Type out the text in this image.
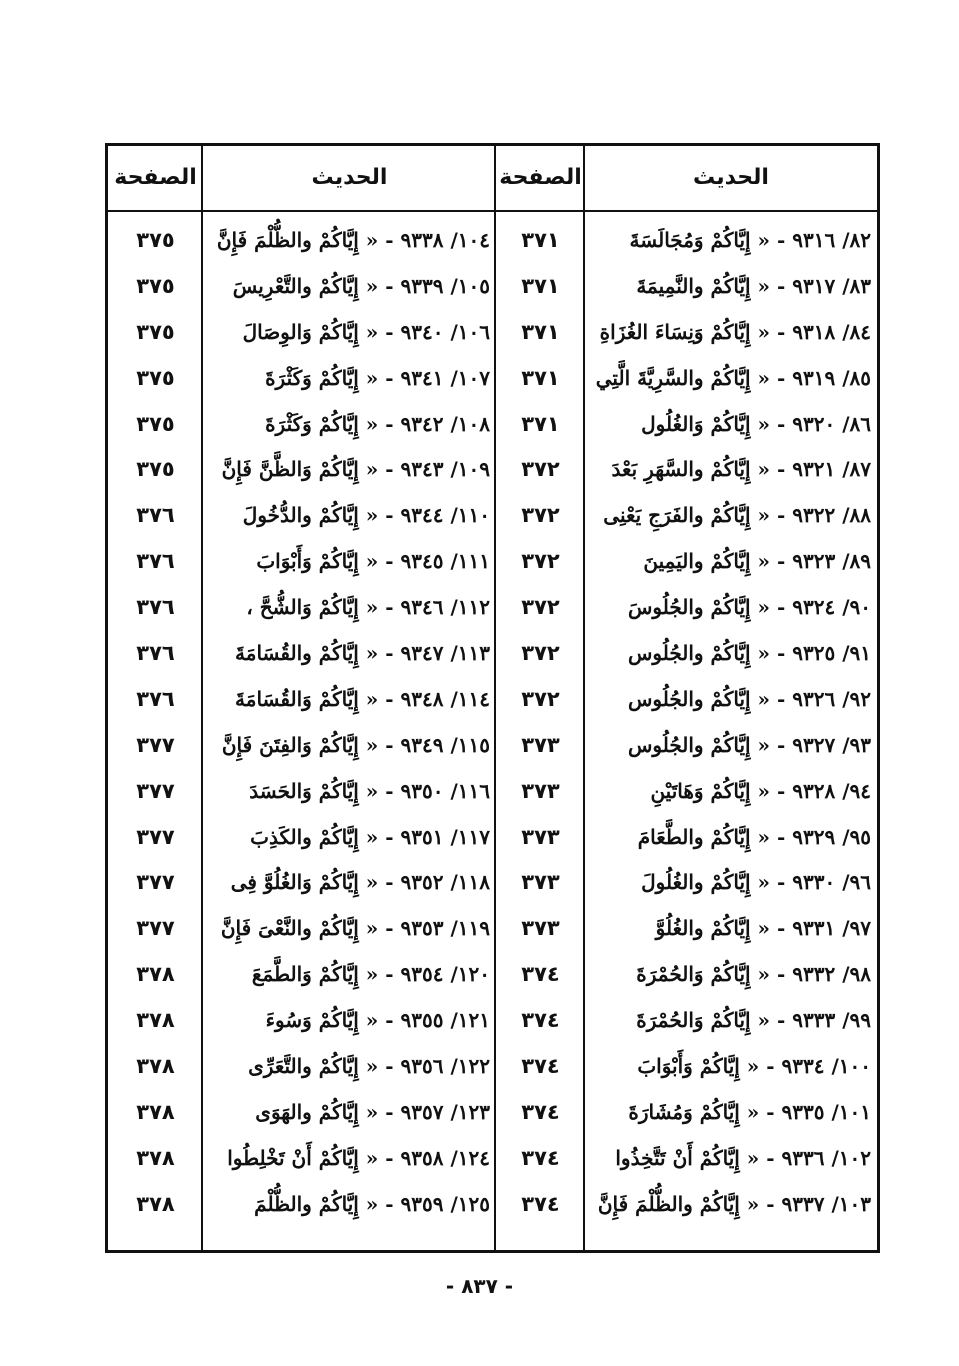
الحديث
٨٢/ ٩٣١٦ - « إِيَّاكُمْ وَمُجَالَسَةَ
٨٣/ ٩٣١٧ - « إِيَّاكُمْ والنَّمِيمَةَ
٨٤/ ٩٣١٨ - « إِيَّاكُمْ وَنِسَاءَ الغُزَاةِ
٨٥/ ٩٣١٩ - « إِيَّاكُمْ والسَّرِيَّةَ الَّتِي
٨٦/ ٩٣٢٠ - « إِيَّاكُمْ وَالغُلُول
٨٧/ ٩٣٢١ - « إِيَّاكُمْ والسَّهَرِ بَعْدَ
٨٨/ ٩٣٢٢ - « إِيَّاكُمْ والفَرَجِ يَعْنِى
٨٩/ ٩٣٢٣ - « إِيَّاكُمْ واليَمِينَ
٩٠/ ٩٣٢٤ - « إِيَّاكُمْ والجُلُوسَ
٩١/ ٩٣٢٥ - « إِيَّاكُمْ والجُلُوس
٩٢/ ٩٣٢٦ - « إِيَّاكُمْ والجُلُوس
٩٣/ ٩٣٢٧ - « إِيَّاكُمْ والجُلُوس
٩٤/ ٩٣٢٨ - « إِيَّاكُمْ وَهَاتَيْنِ
٩٥/ ٩٣٢٩ - « إِيَّاكُمْ والطَّعَامَ
٩٦/ ٩٣٣٠ - « إِيَّاكُمْ والغُلُولَ
٩٧/ ٩٣٣١ - « إِيَّاكُمْ والغُلُوَّ
٩٨/ ٩٣٣٢ - « إِيَّاكُمْ وَالحُمْرَةَ
٩٩/ ٩٣٣٣ - « إِيَّاكُمْ وَالحُمْرَةَ
١٠٠/ ٩٣٣٤ - « إِيَّاكُمْ وَأَبْوَابَ
١٠١/ ٩٣٣٥ - « إِيَّاكُمْ وَمُشَارَةَ
١٠٢/ ٩٣٣٦ - « إِيَّاكُمْ أَنْ تَتَّخِذُوا
١٠٣/ ٩٣٣٧ - « إِيَّاكُمْ والظُّلْمَ فَإِنَّ
الصفحة
٣٧١
٣٧١
٣٧١
٣٧١
٣٧١
٣٧٢
٣٧٢
٣٧٢
٣٧٢
٣٧٢
٣٧٢
٣٧٣
٣٧٣
٣٧٣
٣٧٣
٣٧٣
٣٧٤
٣٧٤
٣٧٤
٣٧٤
٣٧٤
٣٧٤
الحديث
١٠٤/ ٩٣٣٨ - « إِيَّاكُمْ والظُّلْمَ فَإِنَّ
١٠٥/ ٩٣٣٩ - « إِيَّاكُمْ والتَّعْرِيسَ
١٠٦/ ٩٣٤٠ - « إِيَّاكُمْ وَالوِصَالَ
١٠٧/ ٩٣٤١ - « إِيَّاكُمْ وَكَثْرَةَ
١٠٨/ ٩٣٤٢ - « إِيَّاكُمْ وَكَثْرَةَ
١٠٩/ ٩٣٤٣ - « إِيَّاكُمْ وَالظَّنَّ فَإِنَّ
١١٠/ ٩٣٤٤ - « إِيَّاكُمْ والدُّخُولَ
١١١/ ٩٣٤٥ - « إِيَّاكُمْ وَأَبْوَابَ
١١٢/ ٩٣٤٦ - « إِيَّاكُمْ وَالشُّحَّ ،
١١٣/ ٩٣٤٧ - « إِيَّاكُمْ والقُسَامَةَ
١١٤/ ٩٣٤٨ - « إِيَّاكُمْ وَالقُسَامَةَ
١١٥/ ٩٣٤٩ - « إِيَّاكُمْ وَالفِتَنَ فَإِنَّ
١١٦/ ٩٣٥٠ - « إِيَّاكُمْ وَالحَسَدَ
١١٧/ ٩٣٥١ - « إِيَّاكُمْ والكَذِبَ
١١٨/ ٩٣٥٢ - « إِيَّاكُمْ وَالغُلُوَّ فِى
١١٩/ ٩٣٥٣ - « إِيَّاكُمْ والنَّعْىَ فَإِنَّ
١٢٠/ ٩٣٥٤ - « إِيَّاكُمْ وَالطَّمَعَ
١٢١/ ٩٣٥٥ - « إِيَّاكُمْ وَسُوءَ
١٢٢/ ٩٣٥٦ - « إِيَّاكُمْ والتَّعَرِّى
١٢٣/ ٩٣٥٧ - « إِيَّاكُمْ والهَوَى
١٢٤/ ٩٣٥٨ - « إِيَّاكُمْ أَنْ تَخْلِطُوا
١٢٥/ ٩٣٥٩ - « إِيَّاكُمْ والظُّلْمَ
الصفحة
٣٧٥
٣٧٥
٣٧٥
٣٧٥
٣٧٥
٣٧٥
٣٧٦
٣٧٦
٣٧٦
٣٧٦
٣٧٦
٣٧٧
٣٧٧
٣٧٧
٣٧٧
٣٧٧
٣٧٨
٣٧٨
٣٧٨
٣٧٨
٣٧٨
٣٧٨
- ٨٣٧ -
